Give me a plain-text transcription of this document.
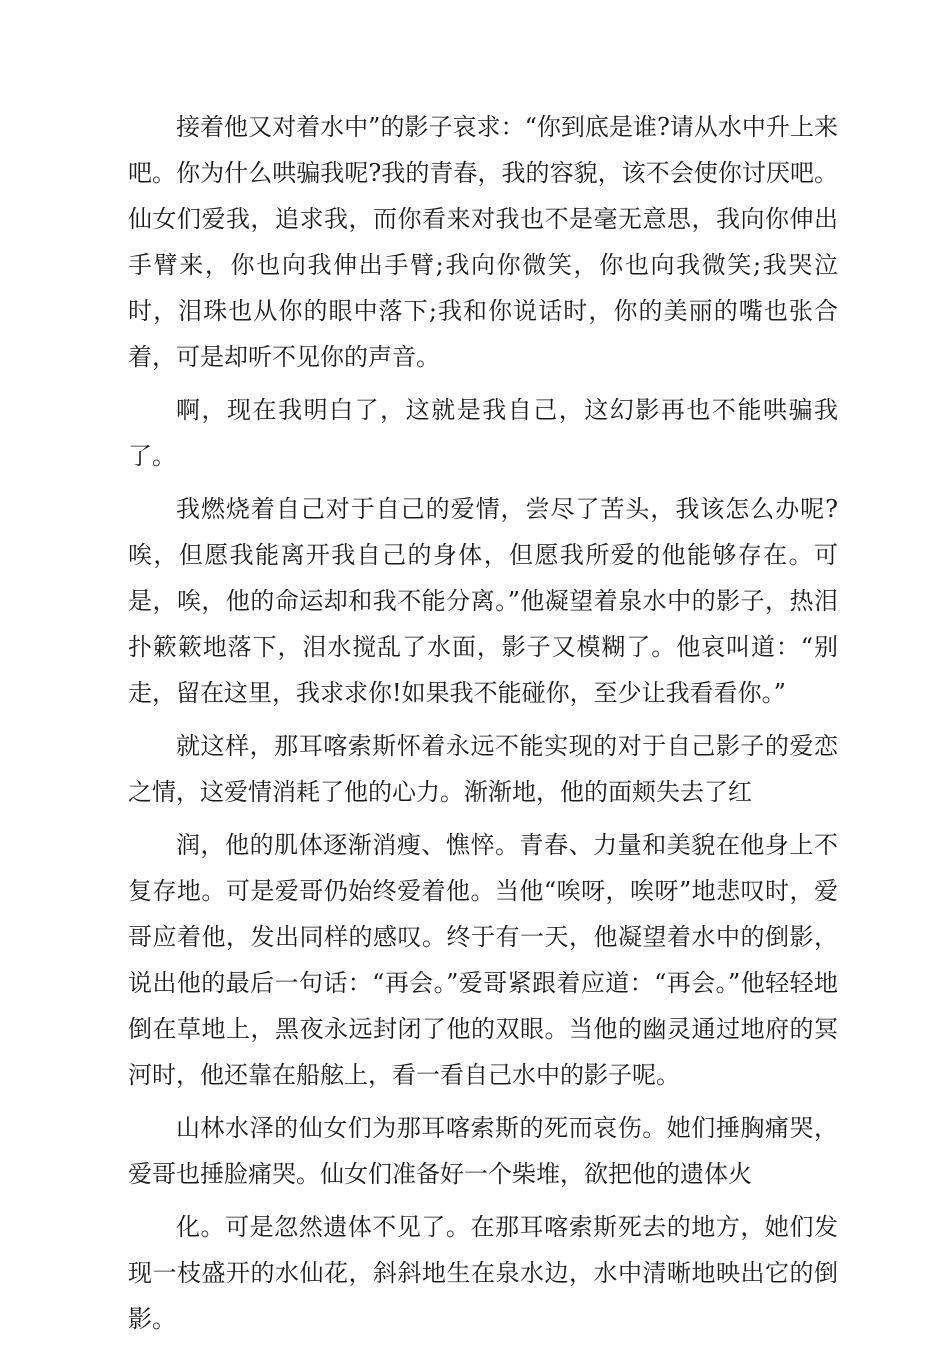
接着他又对着水中”的影子哀求：“你到底是谁?请从水中升上来吧。你为什么哄骗我呢?我的青春，我的容貌，该不会使你讨厌吧。仙女们爱我，追求我，而你看来对我也不是毫无意思，我向你伸出手臂来，你也向我伸出手臂;我向你微笑，你也向我微笑;我哭泣时，泪珠也从你的眼中落下;我和你说话时，你的美丽的嘴也张合着，可是却听不见你的声音。

啊，现在我明白了，这就是我自己，这幻影再也不能哄骗我了。

我燃烧着自己对于自己的爱情，尝尽了苦头，我该怎么办呢?唉，但愿我能离开我自己的身体，但愿我所爱的他能够存在。可是，唉，他的命运却和我不能分离。”他凝望着泉水中的影子，热泪扑簌簌地落下，泪水搅乱了水面，影子又模糊了。他哀叫道：“别走，留在这里，我求求你!如果我不能碰你，至少让我看看你。”

就这样，那耳喀索斯怀着永远不能实现的对于自己影子的爱恋之情，这爱情消耗了他的心力。渐渐地，他的面颊失去了红

润，他的肌体逐渐消瘦、憔悴。青春、力量和美貌在他身上不复存地。可是爱哥仍始终爱着他。当他“唉呀，唉呀”地悲叹时，爱哥应着他，发出同样的感叹。终于有一天，他凝望着水中的倒影，说出他的最后一句话：“再会。”爱哥紧跟着应道：“再会。”他轻轻地倒在草地上，黑夜永远封闭了他的双眼。当他的幽灵通过地府的冥河时，他还靠在船舷上，看一看自己水中的影子呢。

山林水泽的仙女们为那耳喀索斯的死而哀伤。她们捶胸痛哭，爱哥也捶脸痛哭。仙女们准备好一个柴堆，欲把他的遗体火

化。可是忽然遗体不见了。在那耳喀索斯死去的地方，她们发现一枝盛开的水仙花，斜斜地生在泉水边，水中清晰地映出它的倒影。
